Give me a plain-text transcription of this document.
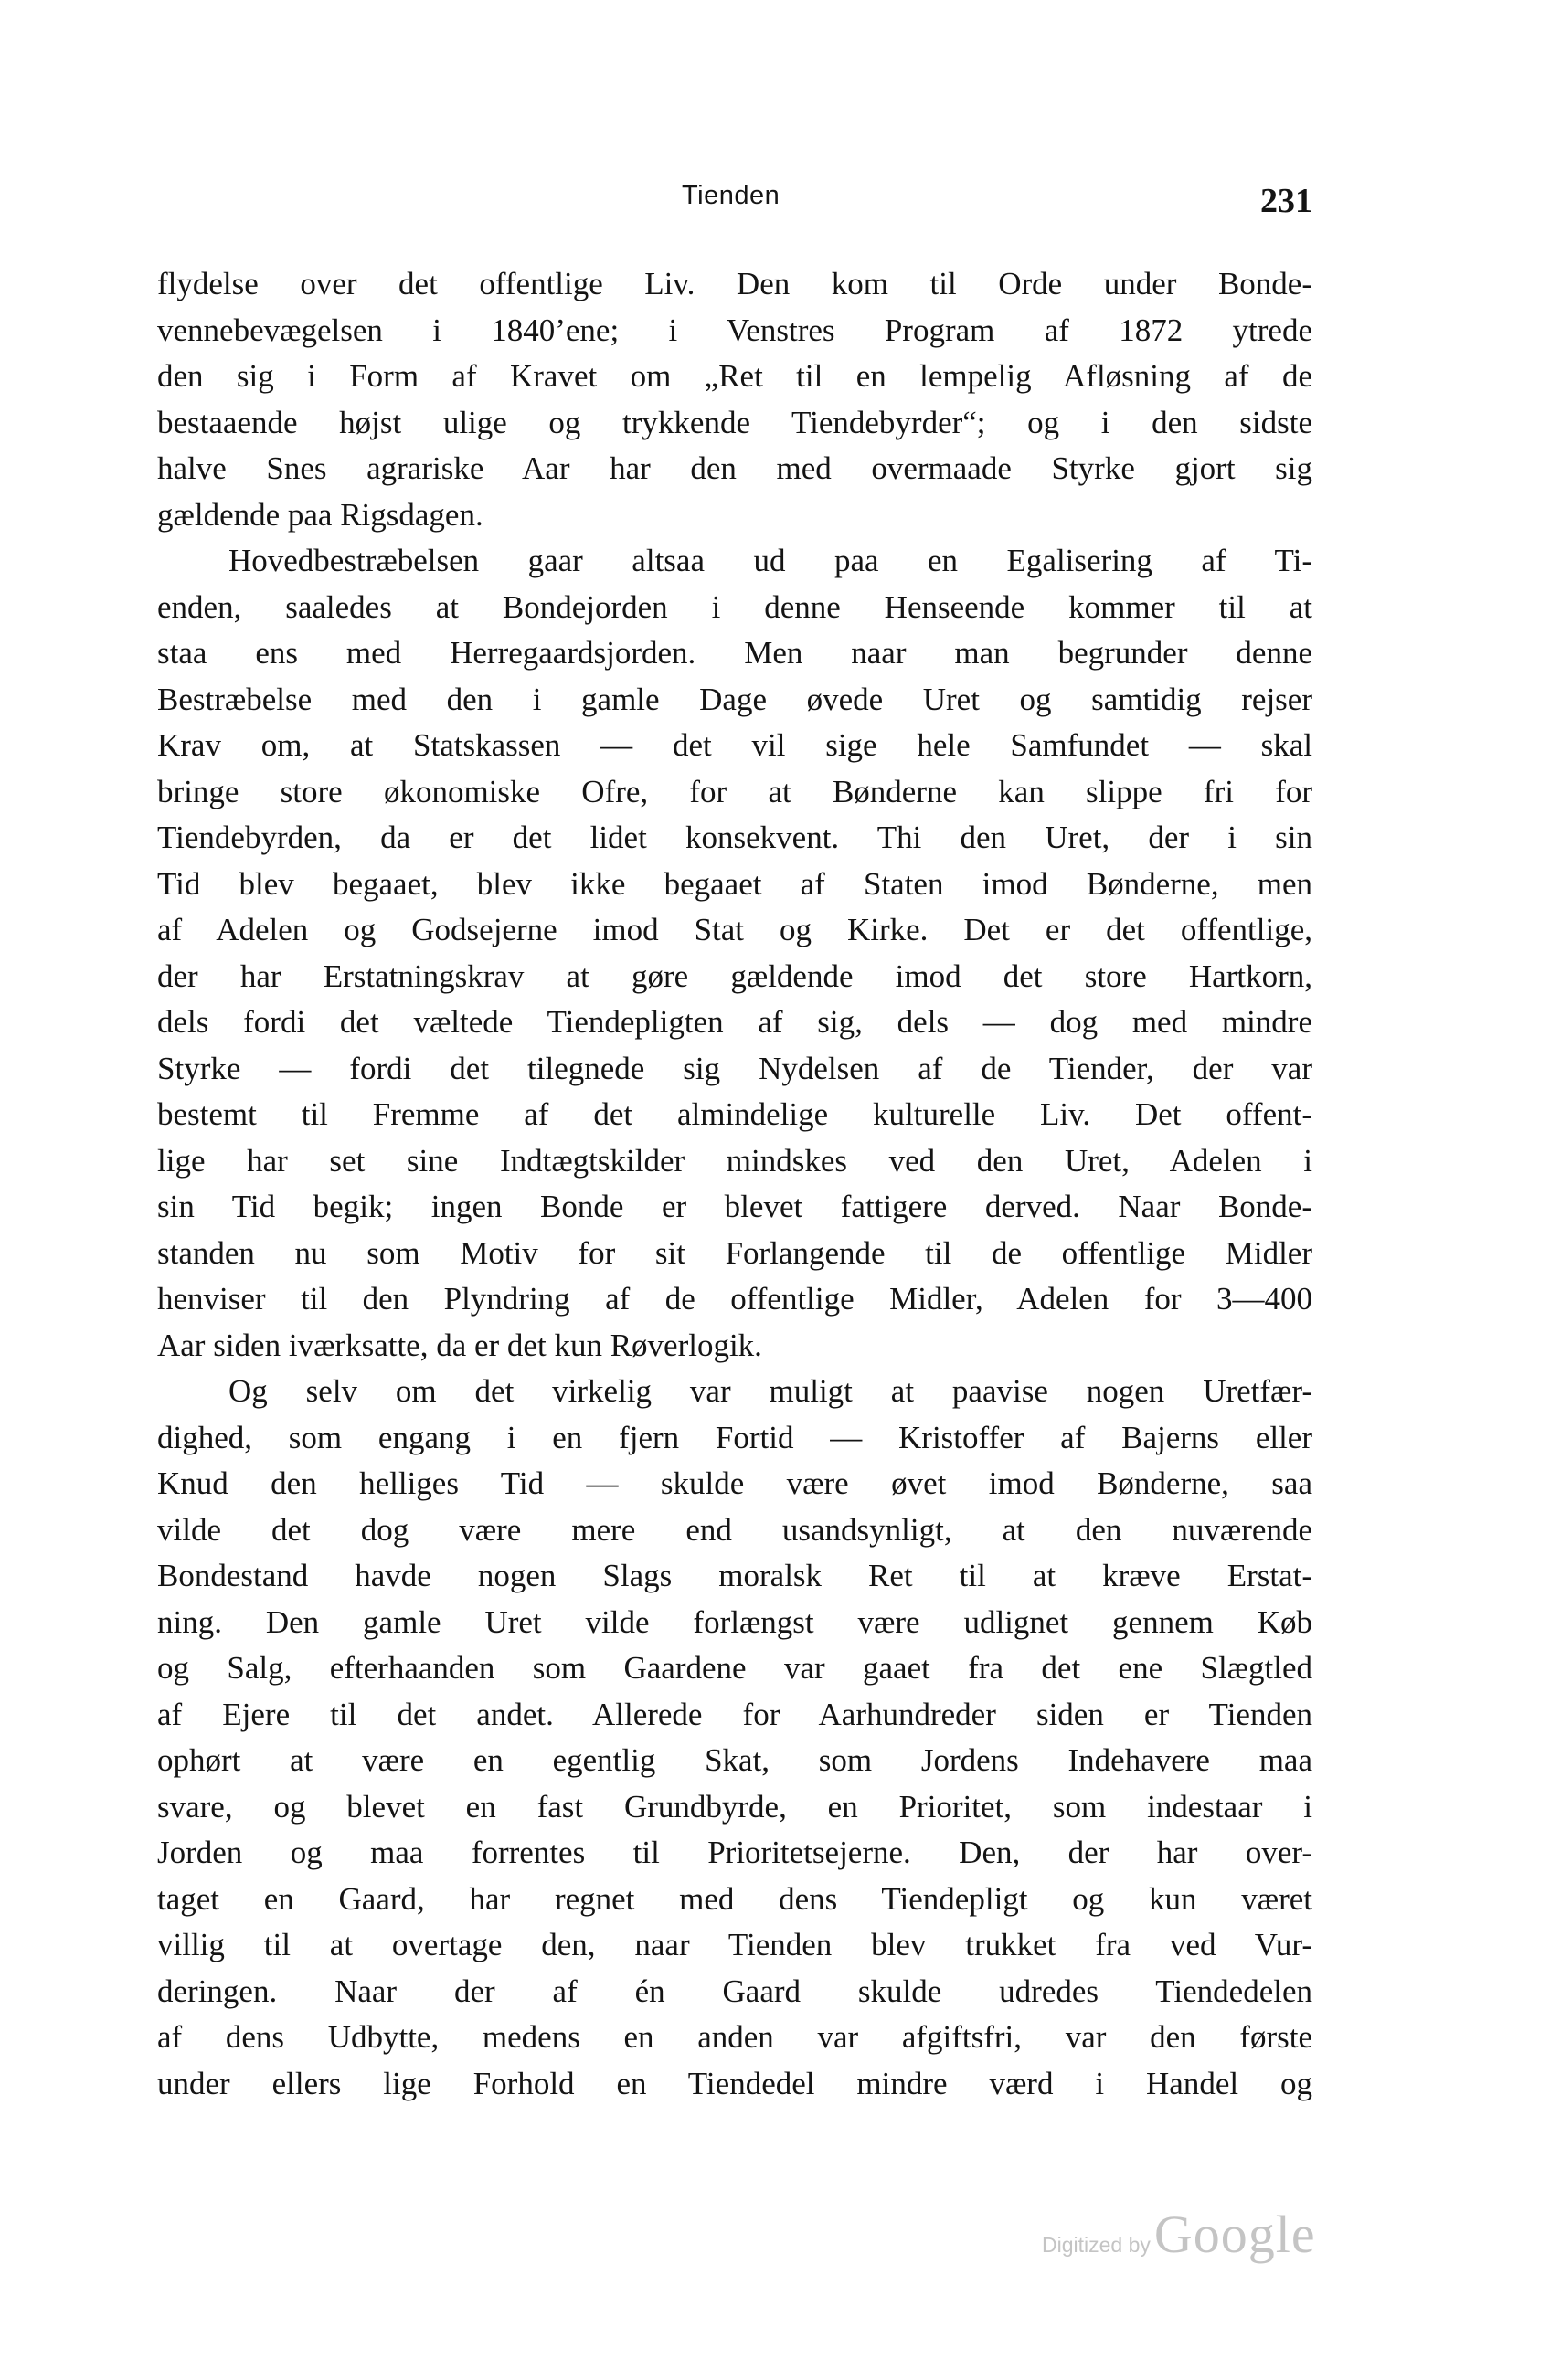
Tienden	231
flydelse over det offentlige Liv. Den kom til Orde under Bonde-
vennebevægelsen i 1840’ene; i Venstres Program af 1872 ytrede
den sig i Form af Kravet om „Ret til en lempelig Afløsning af de
bestaaende højst ulige og trykkende Tiendebyrder“; og i den sidste
halve Snes agrariske Aar har den med overmaade Styrke gjort sig
gældende paa Rigsdagen.
Hovedbestræbelsen gaar altsaa ud paa en Egalisering af Ti-
enden, saaledes at Bondejorden i denne Henseende kommer til at
staa ens med Herregaardsjorden. Men naar man begrunder denne
Bestræbelse med den i gamle Dage øvede Uret og samtidig rejser
Krav om, at Statskassen — det vil sige hele Samfundet — skal
bringe store økonomiske Ofre, for at Bønderne kan slippe fri for
Tiendebyrden, da er det lidet konsekvent. Thi den Uret, der i sin
Tid blev begaaet, blev ikke begaaet af Staten imod Bønderne, men
af Adelen og Godsejerne imod Stat og Kirke. Det er det offentlige,
der har Erstatningskrav at gøre gældende imod det store Hartkorn,
dels fordi det væltede Tiendepligten af sig, dels — dog med mindre
Styrke — fordi det tilegnede sig Nydelsen af de Tiender, der var
bestemt til Fremme af det almindelige kulturelle Liv. Det offent-
lige har set sine Indtægtskilder mindskes ved den Uret, Adelen i
sin Tid begik; ingen Bonde er blevet fattigere derved. Naar Bonde-
standen nu som Motiv for sit Forlangende til de offentlige Midler
henviser til den Plyndring af de offentlige Midler, Adelen for 3—400
Aar siden iværksatte, da er det kun Røverlogik.
Og selv om det virkelig var muligt at paavise nogen Uretfær-
dighed, som engang i en fjern Fortid — Kristoffer af Bajerns eller
Knud den helliges Tid — skulde være øvet imod Bønderne, saa
vilde det dog være mere end usandsynligt, at den nuværende
Bondestand havde nogen Slags moralsk Ret til at kræve Erstat-
ning. Den gamle Uret vilde forlængst være udlignet gennem Køb
og Salg, efterhaanden som Gaardene var gaaet fra det ene Slægtled
af Ejere til det andet. Allerede for Aarhundreder siden er Tienden
ophørt at være en egentlig Skat, som Jordens Indehavere maa
svare, og blevet en fast Grundbyrde, en Prioritet, som indestaar i
Jorden og maa forrentes til Prioritetsejerne. Den, der har over-
taget en Gaard, har regnet med dens Tiendepligt og kun været
villig til at overtage den, naar Tienden blev trukket fra ved Vur-
deringen. Naar der af én Gaard skulde udredes Tiendedelen
af dens Udbytte, medens en anden var afgiftsfri, var den første
under ellers lige Forhold en Tiendedel mindre værd i Handel og
Digitized by Google
